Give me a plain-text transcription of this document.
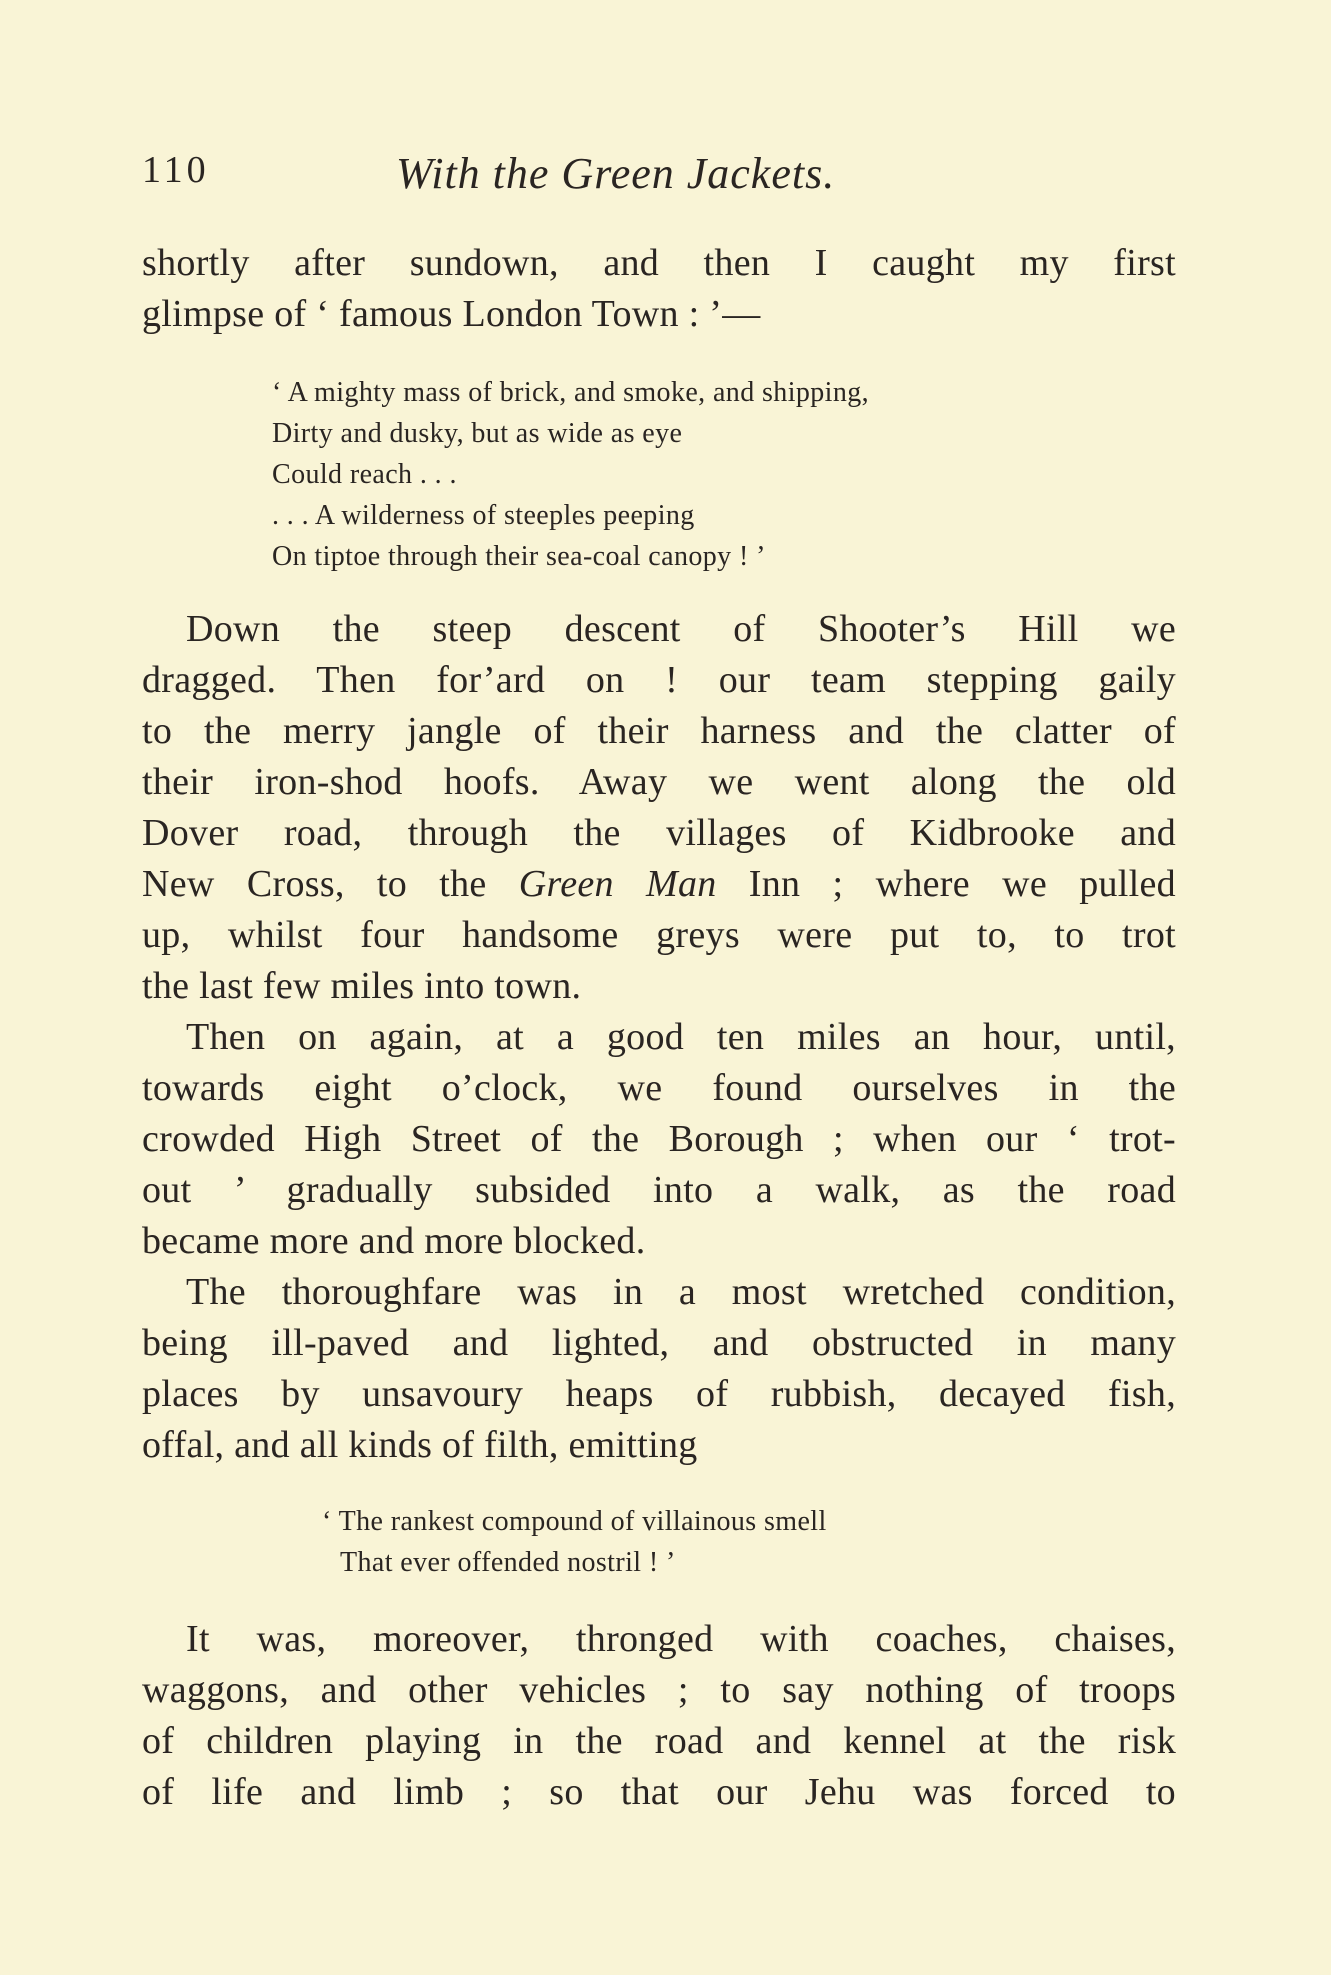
110	With the Green Jackets.
shortly after sundown, and then I caught my first
glimpse of ‘ famous London Town : ’—
‘ A mighty mass of brick, and smoke, and shipping,
Dirty and dusky, but as wide as eye
Could reach . . .
. . . A wilderness of steeples peeping
On tiptoe through their sea-coal canopy ! ’
Down the steep descent of Shooter’s Hill we
dragged. Then for’ard on ! our team stepping gaily
to the merry jangle of their harness and the clatter of
their iron-shod hoofs. Away we went along the old
Dover road, through the villages of Kidbrooke and
New Cross, to the Green Man Inn ; where we pulled
up, whilst four handsome greys were put to, to trot
the last few miles into town.
Then on again, at a good ten miles an hour, until,
towards eight o’clock, we found ourselves in the
crowded High Street of the Borough ; when our ‘ trot-
out ’ gradually subsided into a walk, as the road
became more and more blocked.
The thoroughfare was in a most wretched condition,
being ill-paved and lighted, and obstructed in many
places by unsavoury heaps of rubbish, decayed fish,
offal, and all kinds of filth, emitting
‘ The rankest compound of villainous smell
That ever offended nostril ! ’
It was, moreover, thronged with coaches, chaises,
waggons, and other vehicles ; to say nothing of troops
of children playing in the road and kennel at the risk
of life and limb ; so that our Jehu was forced to
